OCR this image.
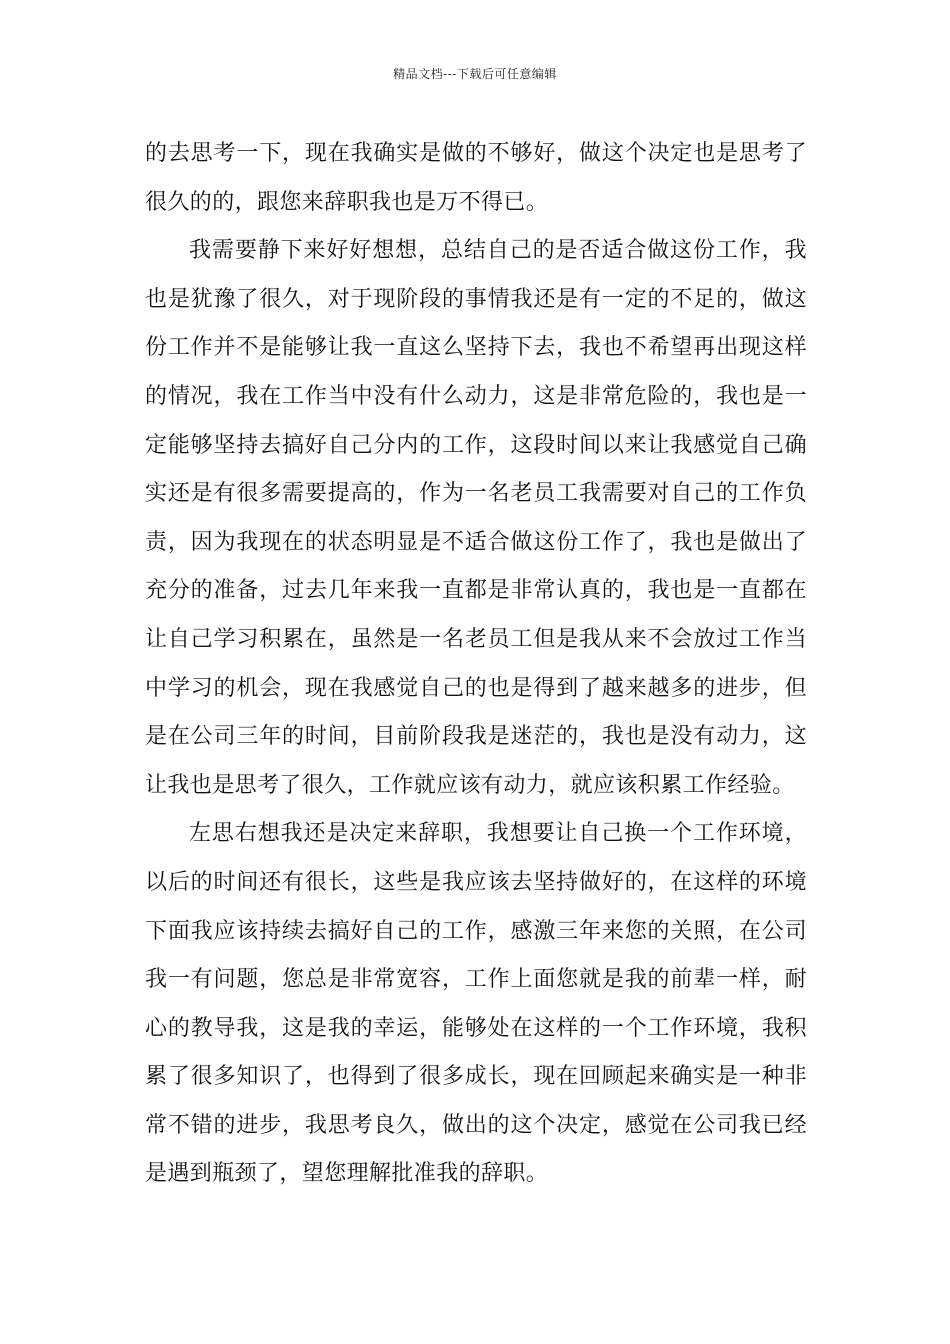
精品文档---下载后可任意编辑

的去思考一下，现在我确实是做的不够好，做这个决定也是思考了很久的的，跟您来辞职我也是万不得已。

我需要静下来好好想想，总结自己的是否适合做这份工作，我也是犹豫了很久，对于现阶段的事情我还是有一定的不足的，做这份工作并不是能够让我一直这么坚持下去，我也不希望再出现这样的情况，我在工作当中没有什么动力，这是非常危险的，我也是一定能够坚持去搞好自己分内的工作，这段时间以来让我感觉自己确实还是有很多需要提高的，作为一名老员工我需要对自己的工作负责，因为我现在的状态明显是不适合做这份工作了，我也是做出了充分的准备，过去几年来我一直都是非常认真的，我也是一直都在让自己学习积累在，虽然是一名老员工但是我从来不会放过工作当中学习的机会，现在我感觉自己的也是得到了越来越多的进步，但是在公司三年的时间，目前阶段我是迷茫的，我也是没有动力，这让我也是思考了很久，工作就应该有动力，就应该积累工作经验。

左思右想我还是决定来辞职，我想要让自己换一个工作环境，以后的时间还有很长，这些是我应该去坚持做好的，在这样的环境下面我应该持续去搞好自己的工作，感激三年来您的关照，在公司我一有问题，您总是非常宽容，工作上面您就是我的前辈一样，耐心的教导我，这是我的幸运，能够处在这样的一个工作环境，我积累了很多知识了，也得到了很多成长，现在回顾起来确实是一种非常不错的进步，我思考良久，做出的这个决定，感觉在公司我已经是遇到瓶颈了，望您理解批准我的辞职。
